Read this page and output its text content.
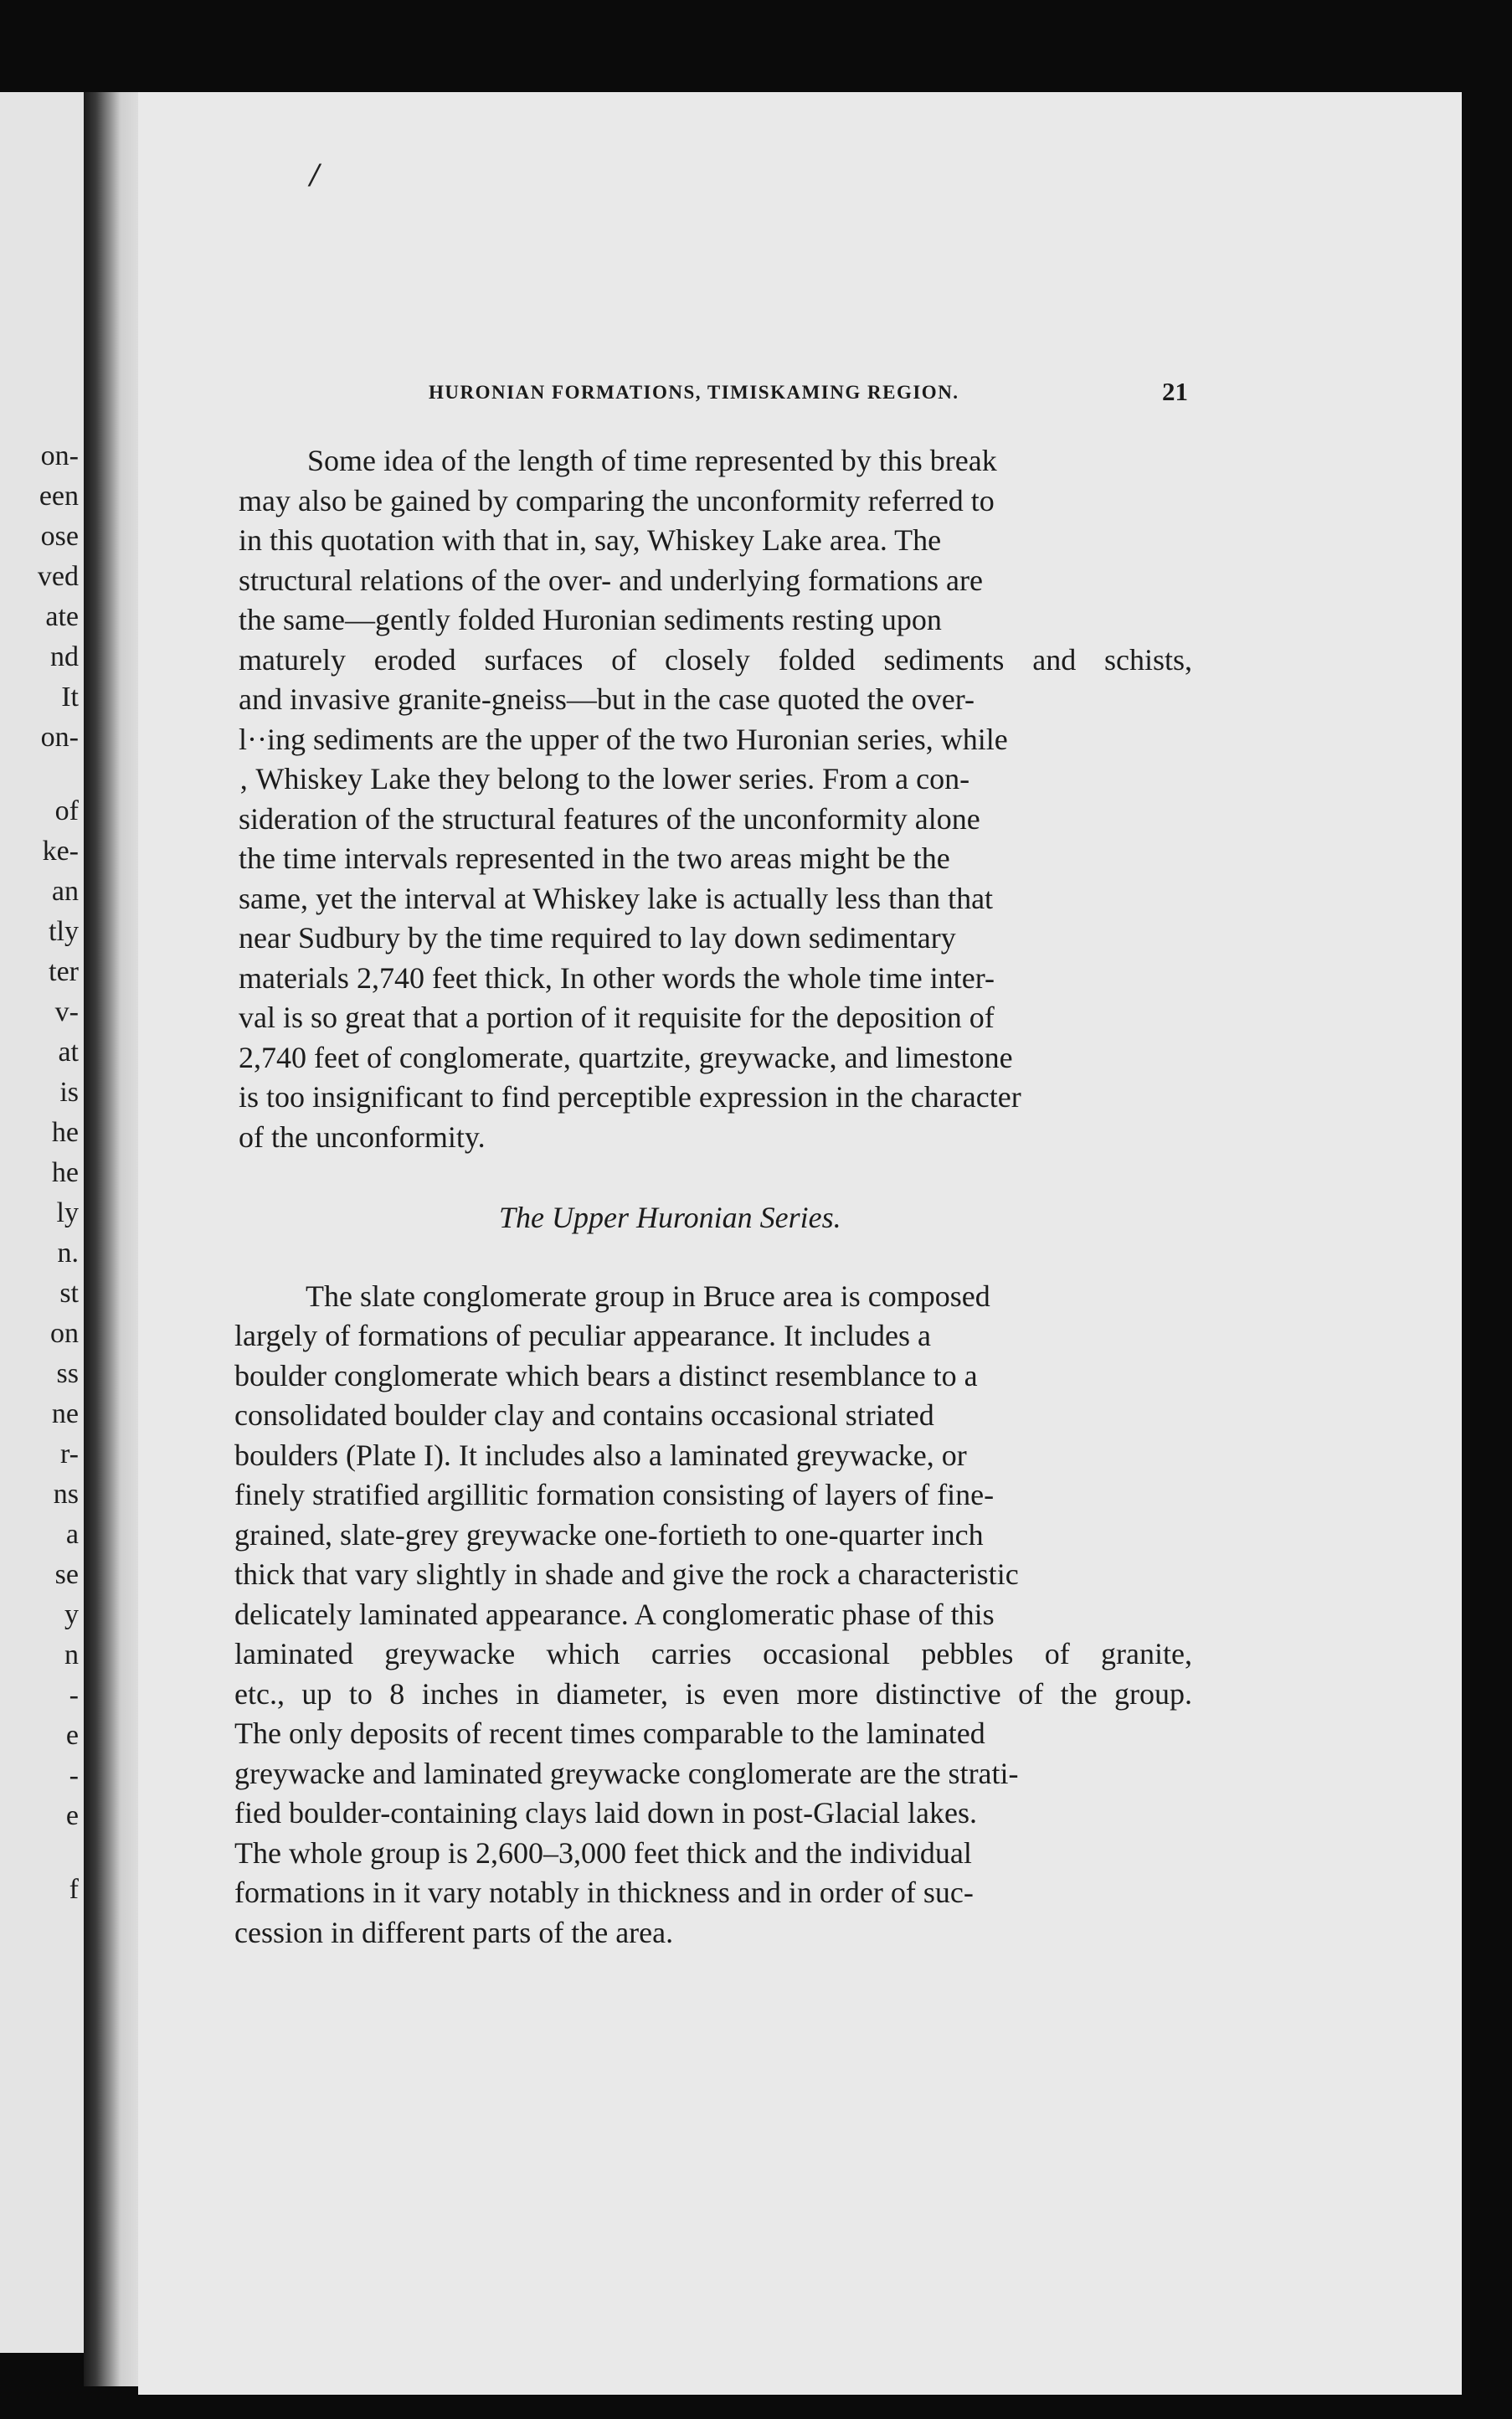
on-
een
ose
ved
ate
nd
It
on-
of
ke-
an
tly
ter
v-
at
is
he
he
ly
n.
st
on
ss
ne
r-
ns
a
se
y
n
-
e
-
e
f
/
HURONIAN FORMATIONS, TIMISKAMING REGION.	21
Some idea of the length of time represented by this break
may also be gained by comparing the unconformity referred to
in this quotation with that in, say, Whiskey Lake area. The
structural relations of the over- and underlying formations are
the same—gently folded Huronian sediments resting upon
maturely eroded surfaces of closely folded sediments and schists,
and invasive granite-gneiss—but in the case quoted the over-
l··ing sediments are the upper of the two Huronian series, while
‚ Whiskey Lake they belong to the lower series. From a con-
sideration of the structural features of the unconformity alone
the time intervals represented in the two areas might be the
same, yet the interval at Whiskey lake is actually less than that
near Sudbury by the time required to lay down sedimentary
materials 2,740 feet thick, In other words the whole time inter-
val is so great that a portion of it requisite for the deposition of
2,740 feet of conglomerate, quartzite, greywacke, and limestone
is too insignificant to find perceptible expression in the character
of the unconformity.
The Upper Huronian Series.
The slate conglomerate group in Bruce area is composed
largely of formations of peculiar appearance. It includes a
boulder conglomerate which bears a distinct resemblance to a
consolidated boulder clay and contains occasional striated
boulders (Plate I). It includes also a laminated greywacke, or
finely stratified argillitic formation consisting of layers of fine-
grained, slate-grey greywacke one-fortieth to one-quarter inch
thick that vary slightly in shade and give the rock a characteristic
delicately laminated appearance. A conglomeratic phase of this
laminated greywacke which carries occasional pebbles of granite,
etc., up to 8 inches in diameter, is even more distinctive of the group.
The only deposits of recent times comparable to the laminated
greywacke and laminated greywacke conglomerate are the strati-
fied boulder-containing clays laid down in post-Glacial lakes.
The whole group is 2,600–3,000 feet thick and the individual
formations in it vary notably in thickness and in order of suc-
cession in different parts of the area.
